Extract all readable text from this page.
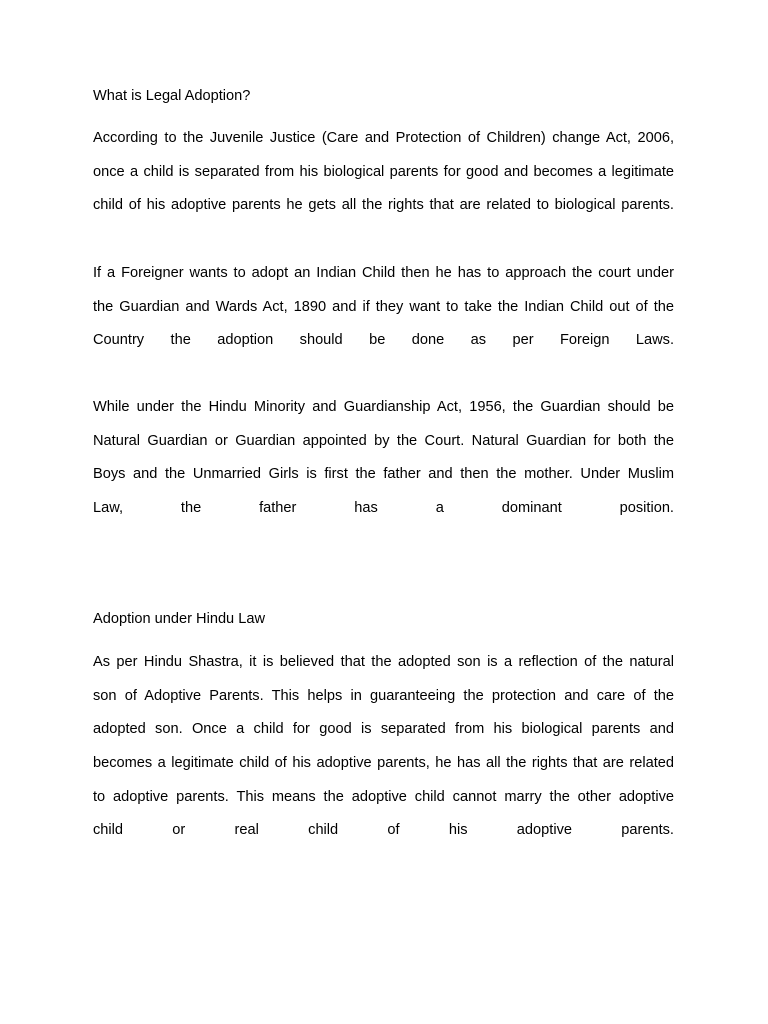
What is Legal Adoption?
According to the Juvenile Justice (Care and Protection of Children) change Act, 2006,
once a child is separated from his biological parents for good and becomes a legitimate
child of his adoptive parents he gets all the rights that are related to biological parents.
If a Foreigner wants to adopt an Indian Child then he has to approach the court under
the Guardian and Wards Act, 1890 and if they want to take the Indian Child out of the
Country the adoption should be done as per Foreign Laws.
While under the Hindu Minority and Guardianship Act, 1956, the Guardian should be
Natural Guardian or Guardian appointed by the Court. Natural Guardian for both the
Boys and the Unmarried Girls is first the father and then the mother. Under Muslim
Law, the father has a dominant position.
Adoption under Hindu Law
As per Hindu Shastra, it is believed that the adopted son is a reflection of the natural
son of Adoptive Parents. This helps in guaranteeing the protection and care of the
adopted son. Once a child for good is separated from his biological parents and
becomes a legitimate child of his adoptive parents, he has all the rights that are related
to adoptive parents. This means the adoptive child cannot marry the other adoptive
child or real child of his adoptive parents.
